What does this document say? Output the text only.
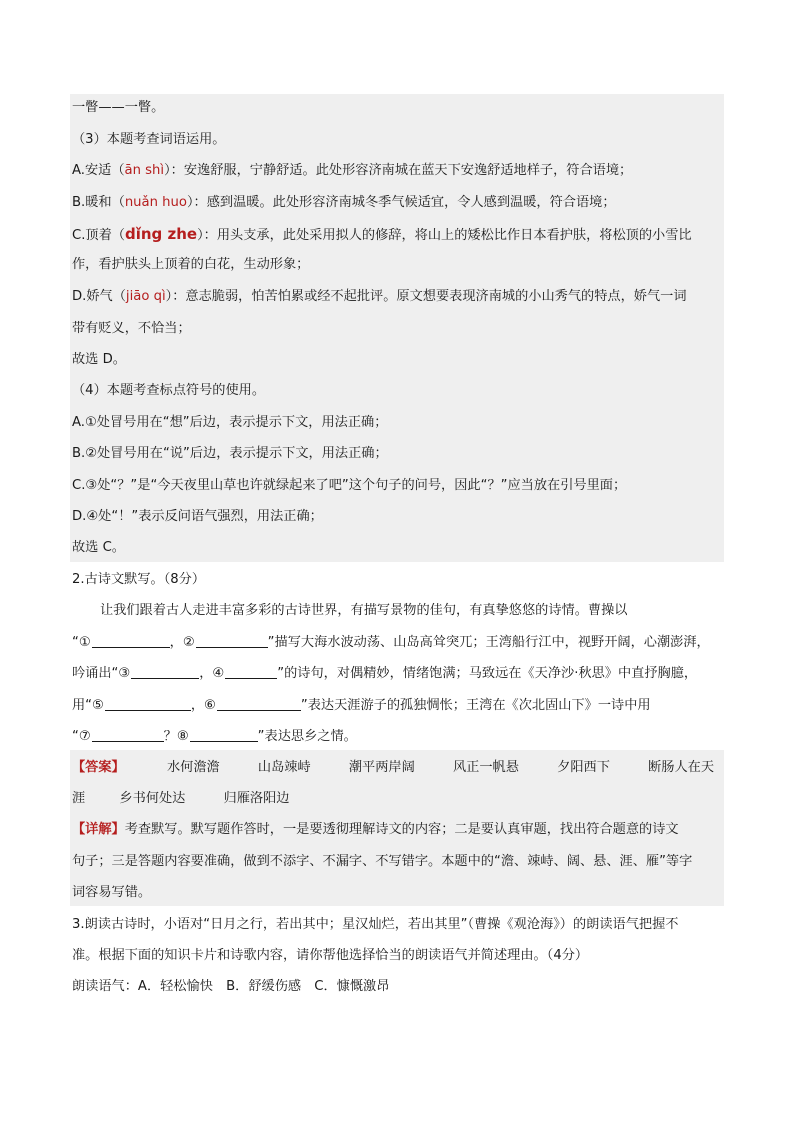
一瞥——一瞥。
（3）本题考查词语运用。
A.安适（ān shì）：安逸舒服，宁静舒适。此处形容济南城在蓝天下安逸舒适地样子，符合语境；
B.暖和（nuǎn huo）：感到温暖。此处形容济南城冬季气候适宜，令人感到温暖，符合语境；
C.顶着（dǐng zhe）：用头支承，此处采用拟人的修辞，将山上的矮松比作日本看护肤，将松顶的小雪比
作，看护肤头上顶着的白花，生动形象；
D.娇气（jiāo qì）：意志脆弱，怕苦怕累或经不起批评。原文想要表现济南城的小山秀气的特点，娇气一词
带有贬义，不恰当；
故选 D。
（4）本题考查标点符号的使用。
A.①处冒号用在“想”后边，表示提示下文，用法正确；
B.②处冒号用在“说”后边，表示提示下文，用法正确；
C.③处“？”是“今天夜里山草也许就绿起来了吧”这个句子的问号，因此“？”应当放在引号里面；
D.④处“！”表示反问语气强烈，用法正确；
故选 C。
2.古诗文默写。（8分）
让我们跟着古人走进丰富多彩的古诗世界，有描写景物的佳句，有真挚悠悠的诗情。曹操以
“①	，②	”描写大海水波动荡、山岛高耸突兀；王湾船行江中，视野开阔，心潮澎湃，
吟诵出“③	，④	”的诗句，对偶精妙，情绪饱满；马致远在《天净沙·秋思》中直抒胸臆，
用“⑤	，⑥	”表达天涯游子的孤独惆怅；王湾在《次北固山下》一诗中用
“⑦	？⑧	”表达思乡之情。
【答案】	水何澹澹	山岛竦峙	潮平两岸阔	风正一帆悬	夕阳西下	断肠人在天
涯	乡书何处达	归雁洛阳边
【详解】考查默写。默写题作答时，一是要透彻理解诗文的内容；二是要认真审题，找出符合题意的诗文
句子；三是答题内容要准确，做到不添字、不漏字、不写错字。本题中的“澹、竦峙、阔、悬、涯、雁”等字
词容易写错。
3.朗读古诗时，小语对“日月之行，若出其中；星汉灿烂，若出其里”（曹操《观沧海》）的朗读语气把握不
准。根据下面的知识卡片和诗歌内容，请你帮他选择恰当的朗读语气并简述理由。（4分）
朗读语气：A．轻松愉快　B．舒缓伤感　C．慷慨激昂
